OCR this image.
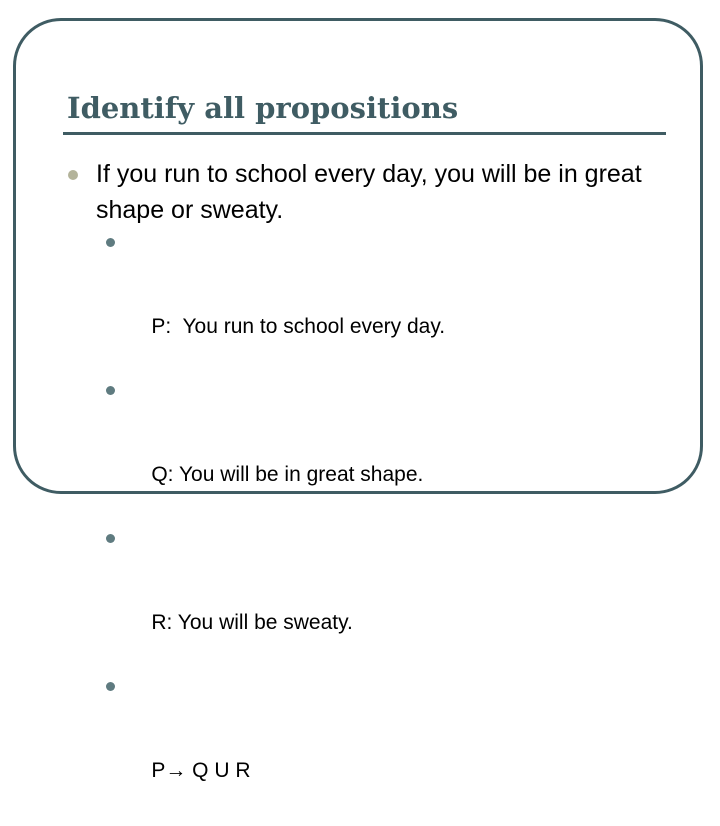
Identify all propositions
If you run to school every day, you will be in great shape or sweaty.

P:  You run to school every day.

Q: You will be in great shape.

R: You will be sweaty.

P→ Q U R
